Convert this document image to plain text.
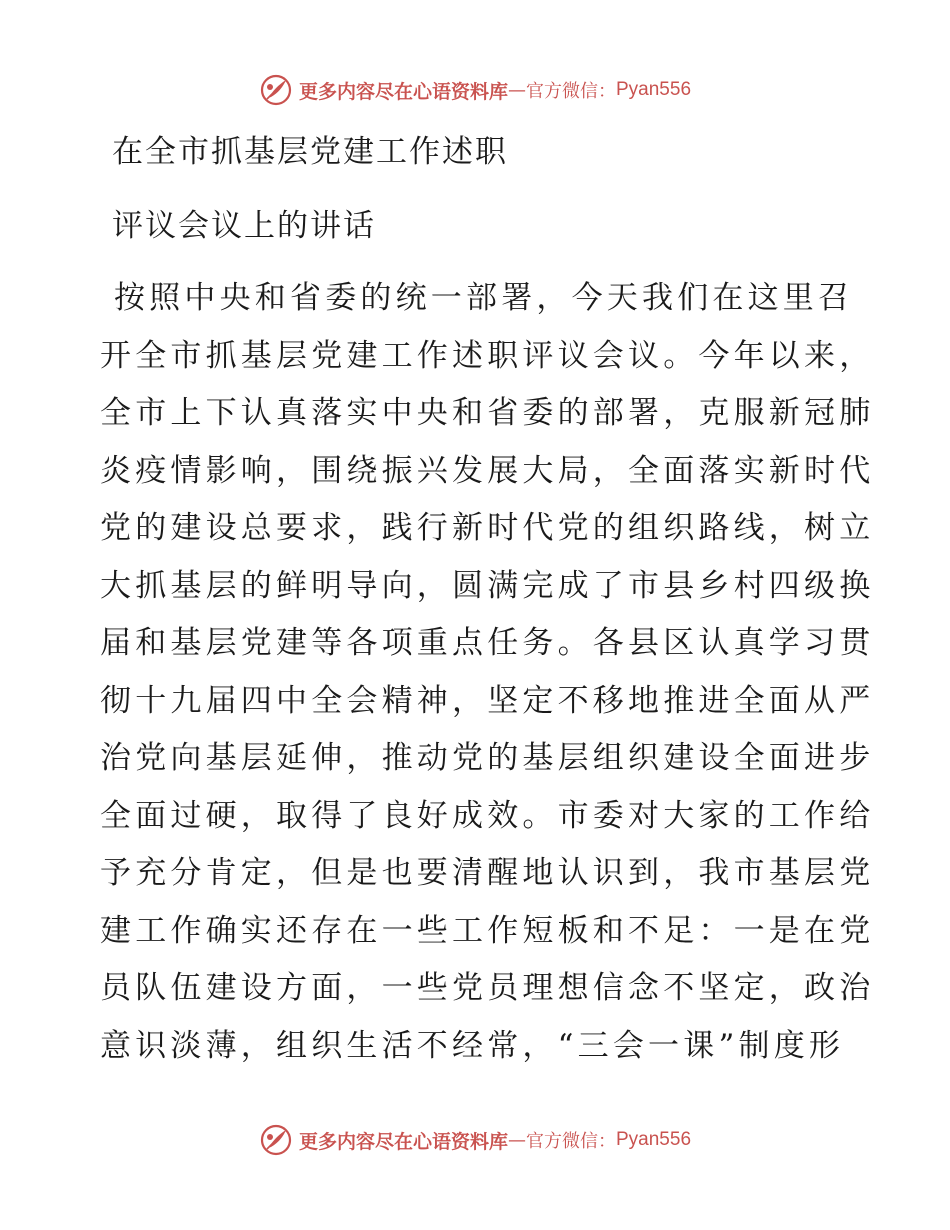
更多内容尽在心语资料库 — 官方微信： Pyan556
在全市抓基层党建工作述职
评议会议上的讲话
按照中央和省委的统一部署，今天我们在这里召
开全市抓基层党建工作述职评议会议。今年以来，
全市上下认真落实中央和省委的部署，克服新冠肺
炎疫情影响，围绕振兴发展大局，全面落实新时代
党的建设总要求，践行新时代党的组织路线，树立
大抓基层的鲜明导向，圆满完成了市县乡村四级换
届和基层党建等各项重点任务。各县区认真学习贯
彻十九届四中全会精神，坚定不移地推进全面从严
治党向基层延伸，推动党的基层组织建设全面进步
全面过硬，取得了良好成效。市委对大家的工作给
予充分肯定，但是也要清醒地认识到，我市基层党
建工作确实还存在一些工作短板和不足：一是在党
员队伍建设方面，一些党员理想信念不坚定，政治
意识淡薄，组织生活不经常，“三会一课”制度形
更多内容尽在心语资料库 — 官方微信： Pyan556
